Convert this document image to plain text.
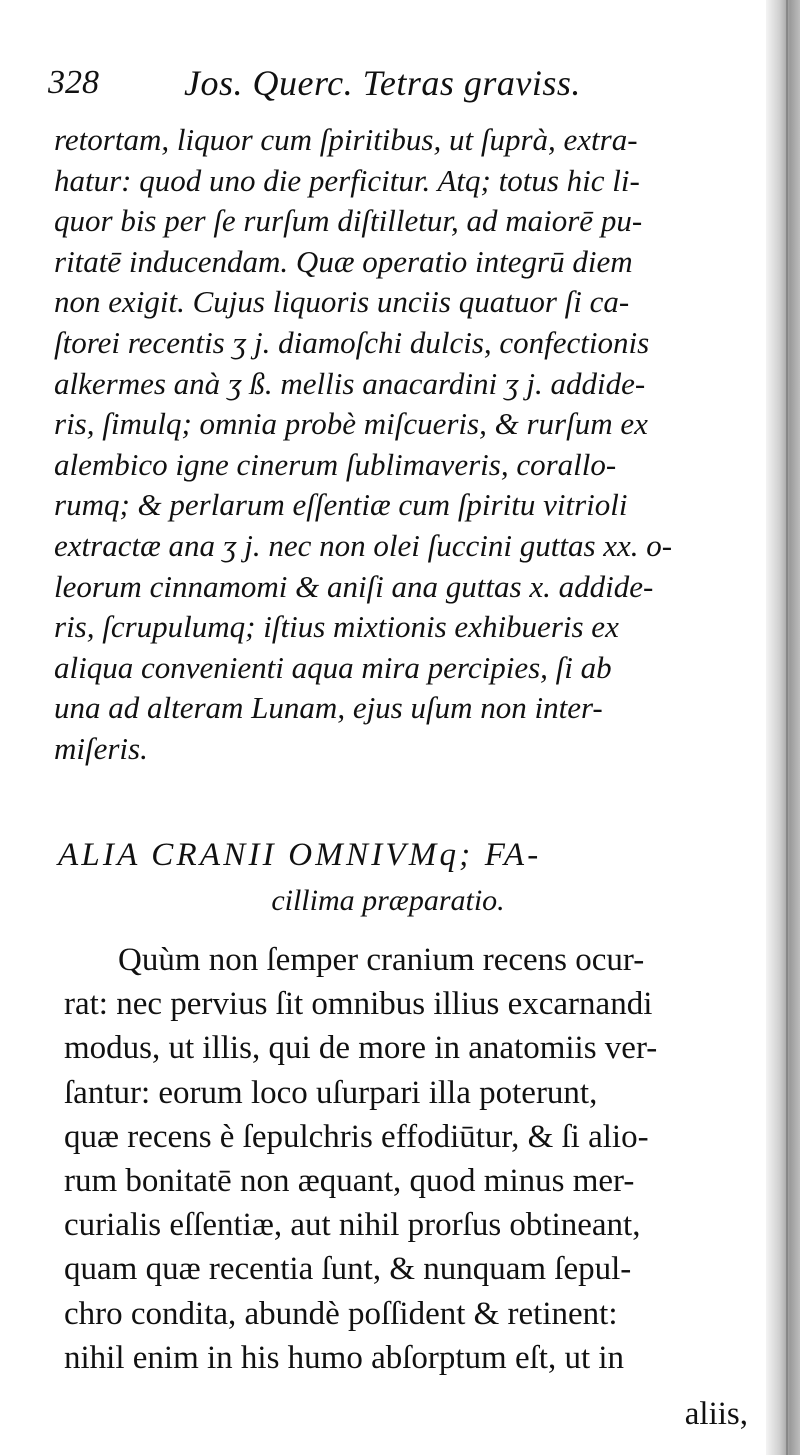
328 Jos. Querc. Tetras graviss.
retortam, liquor cum ſpiritibus, ut ſuprà, extra-
hatur: quod uno die perficitur. Atq; totus hic li-
quor bis per ſe rurſum diſtilletur, ad maiorē pu-
ritatē inducendam. Quæ operatio integrū diem
non exigit. Cujus liquoris unciis quatuor ſi ca-
ſtorei recentis ʒ j. diamoſchi dulcis, confectionis
alkermes anà ʒ ß. mellis anacardini ʒ j. addide-
ris, ſimulq; omnia probè miſcueris, & rurſum ex
alembico igne cinerum ſublimaveris, corallo-
rumq; & perlarum eſſentiæ cum ſpiritu vitrioli
extractæ ana ʒ j. nec non olei ſuccini guttas xx. o-
leorum cinnamomi & aniſi ana guttas x. addide-
ris, ſcrupulumq; iſtius mixtionis exhibueris ex
aliqua convenienti aqua mira percipies, ſi ab
una ad alteram Lunam, ejus uſum non inter-
miſeris.
ALIA CRANII OMNIVMq; FA-
cillima præparatio.
Quùm non ſemper cranium recens ocur-
rat: nec pervius ſit omnibus illius excarnandi
modus, ut illis, qui de more in anatomiis ver-
ſantur: eorum loco uſurpari illa poterunt,
quæ recens è ſepulchris effodiūtur, & ſi alio-
rum bonitatē non æquant, quod minus mer-
curialis eſſentiæ, aut nihil prorſus obtineant,
quam quæ recentia ſunt, & nunquam ſepul-
chro condita, abundè poſſident & retinent:
nihil enim in his humo abſorptum eſt, ut in
aliis,
